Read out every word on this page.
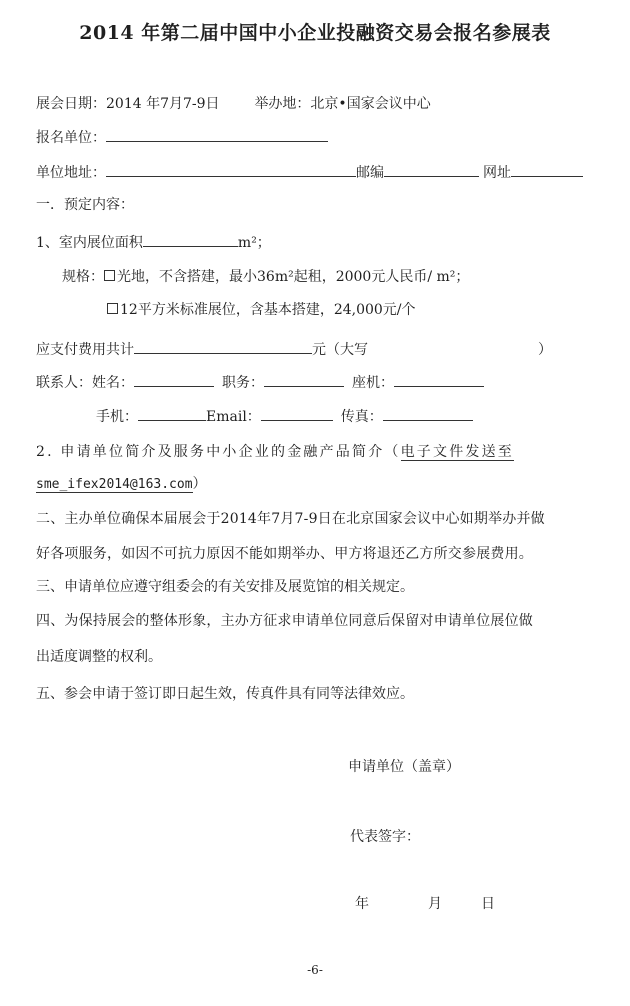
2014 年第二届中国中小企业投融资交易会报名参展表
展会日期：2014 年7月7-9日 举办地：北京•国家会议中心
报名单位：
单位地址：	邮编	网址
一．预定内容：
1、室内展位面积	m²；
规格： 光地，不含搭建，最小36m²起租，2000元人民币/ m²；
12平方米标准展位，含基本搭建，24,000元/个
应支付费用共计	元（大写	）
联系人：姓名：	职务：	座机：
手机：	Email：	传真：
2. 申请单位简介及服务中小企业的金融产品简介（电子文件发送至
sme_ifex2014@163.com）
二、主办单位确保本届展会于2014年7月7-9日在北京国家会议中心如期举办并做
好各项服务，如因不可抗力原因不能如期举办、甲方将退还乙方所交参展费用。
三、申请单位应遵守组委会的有关安排及展览馆的相关规定。
四、为保持展会的整体形象，主办方征求申请单位同意后保留对申请单位展位做
出适度调整的权利。
五、参会申请于签订即日起生效，传真件具有同等法律效应。
申请单位（盖章）
代表签字：
年	月	日
-6-
